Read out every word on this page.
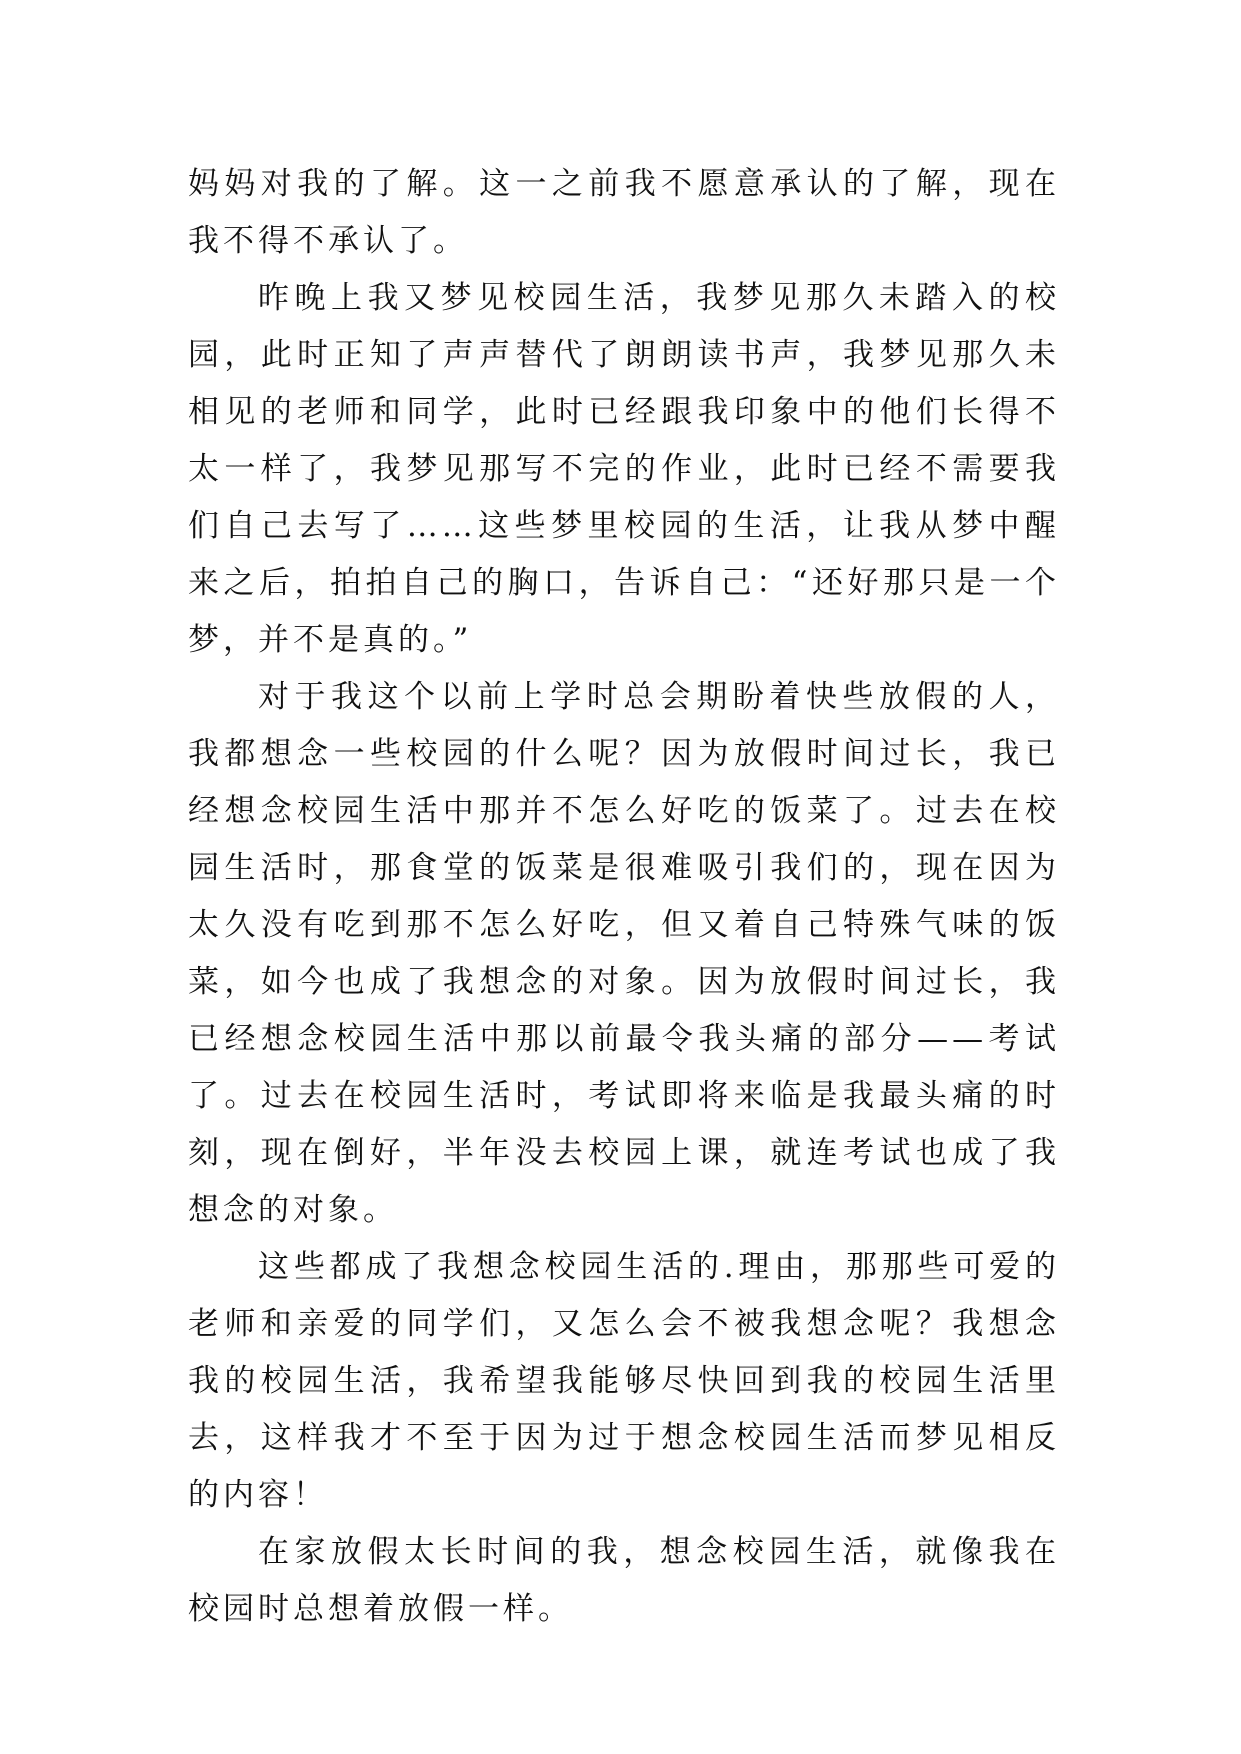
妈妈对我的了解。这一之前我不愿意承认的了解，现在我不得不承认了。

昨晚上我又梦见校园生活，我梦见那久未踏入的校园，此时正知了声声替代了朗朗读书声，我梦见那久未相见的老师和同学，此时已经跟我印象中的他们长得不太一样了，我梦见那写不完的作业，此时已经不需要我们自己去写了……这些梦里校园的生活，让我从梦中醒来之后，拍拍自己的胸口，告诉自己：“还好那只是一个梦，并不是真的。”

对于我这个以前上学时总会期盼着快些放假的人，我都想念一些校园的什么呢？因为放假时间过长，我已经想念校园生活中那并不怎么好吃的饭菜了。过去在校园生活时，那食堂的饭菜是很难吸引我们的，现在因为太久没有吃到那不怎么好吃，但又着自己特殊气味的饭菜，如今也成了我想念的对象。因为放假时间过长，我已经想念校园生活中那以前最令我头痛的部分——考试了。过去在校园生活时，考试即将来临是我最头痛的时刻，现在倒好，半年没去校园上课，就连考试也成了我想念的对象。

这些都成了我想念校园生活的.理由，那那些可爱的老师和亲爱的同学们，又怎么会不被我想念呢？我想念我的校园生活，我希望我能够尽快回到我的校园生活里去，这样我才不至于因为过于想念校园生活而梦见相反的内容！

在家放假太长时间的我，想念校园生活，就像我在校园时总想着放假一样。
